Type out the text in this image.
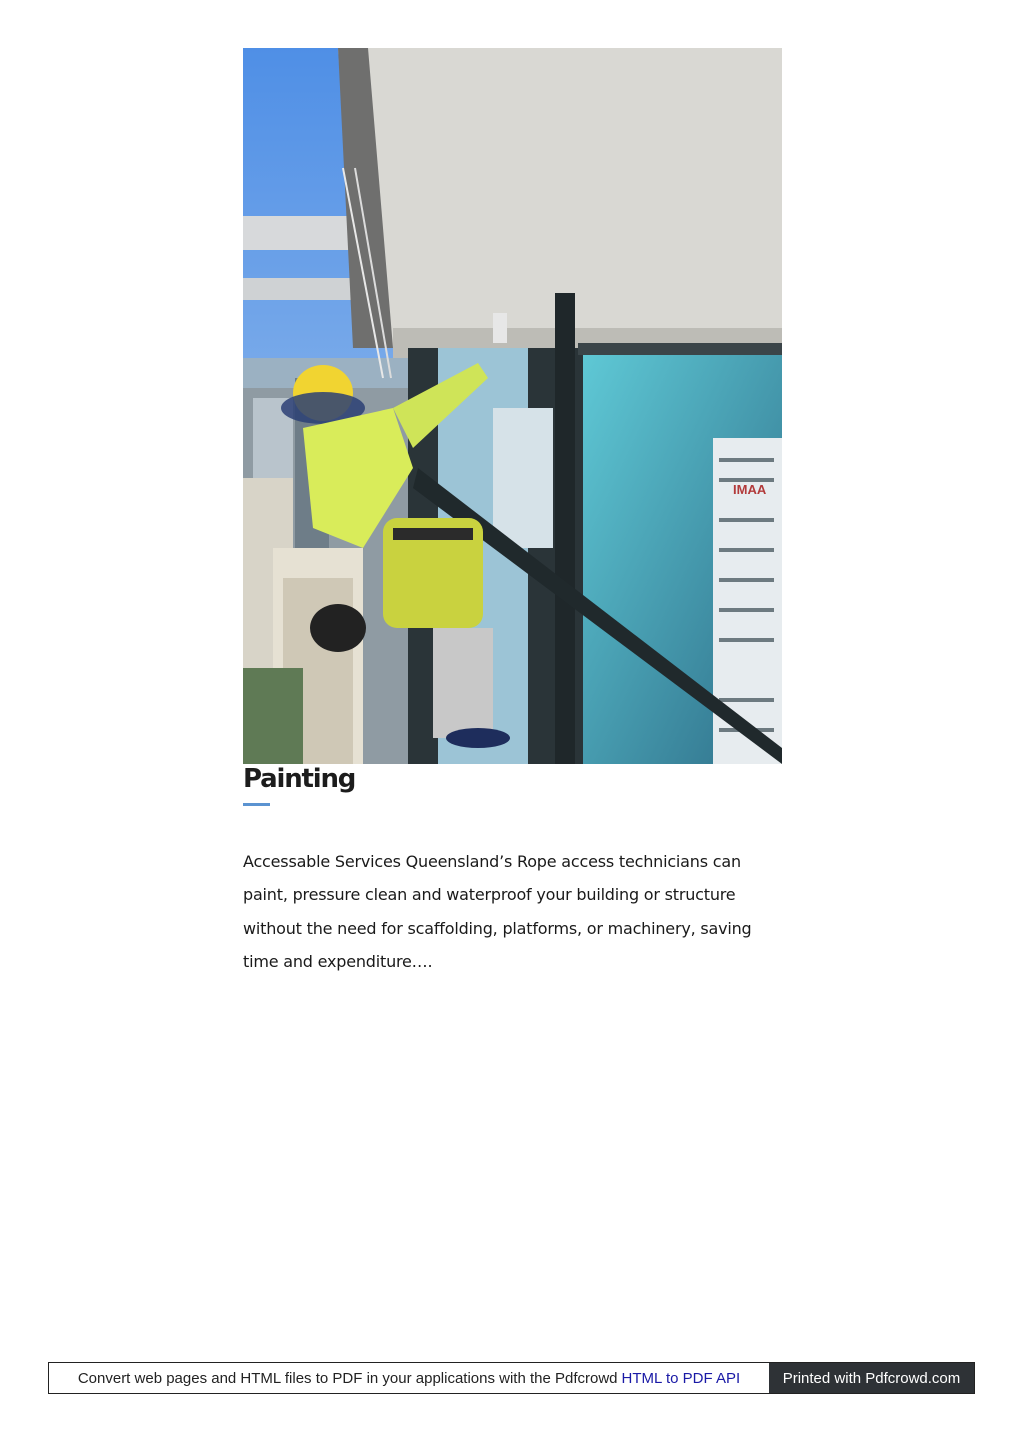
IMAA
Painting

Accessable Services Queensland’s Rope access technicians can paint, pressure clean and waterproof your building or structure without the need for scaffolding, platforms, or machinery, saving time and expenditure….

Convert web pages and HTML files to PDF in your applications with the Pdfcrowd HTML to PDF API	Printed with Pdfcrowd.com
